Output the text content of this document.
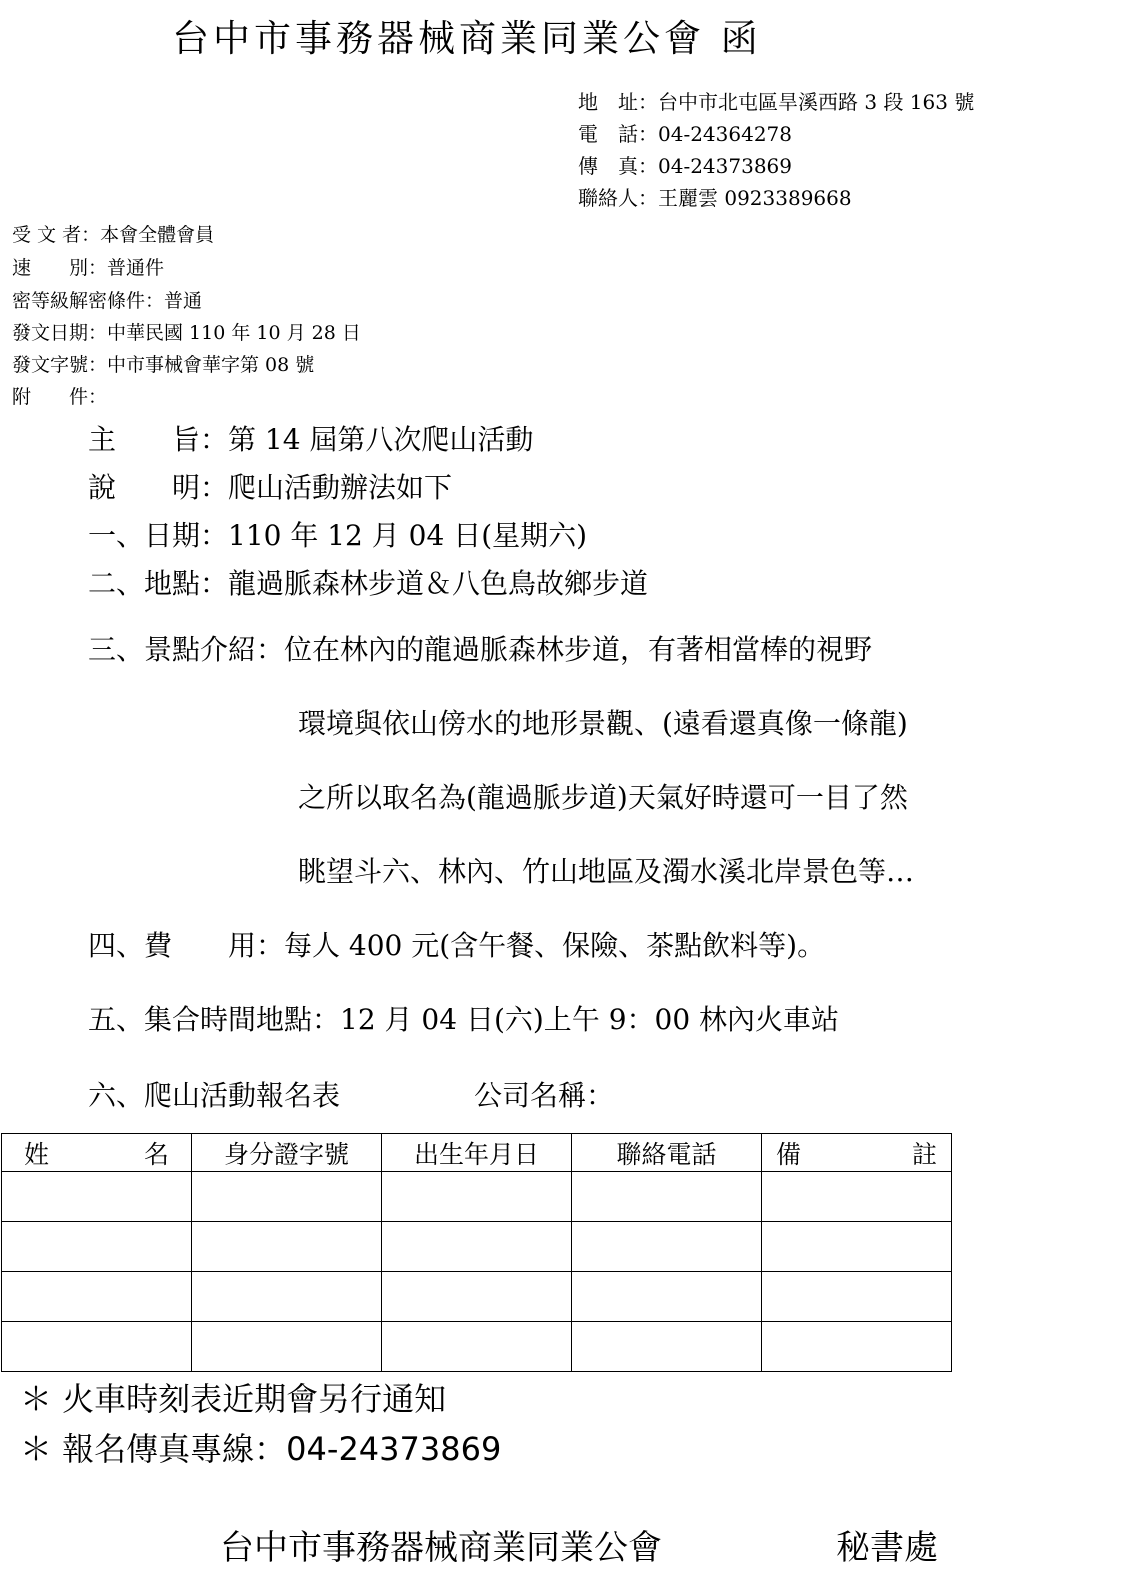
台中市事務器械商業同業公會 函
地　址：台中市北屯區旱溪西路 3 段 163 號
電　話：04-24364278
傳　真：04-24373869
聯絡人：王麗雲 0923389668
受 文 者：本會全體會員
速　　別：普通件
密等級解密條件：普通
發文日期：中華民國 110 年 10 月 28 日
發文字號：中市事械會華字第 08 號
附　　件：
主　　旨：第 14 屆第八次爬山活動
說　　明：爬山活動辦法如下
一、日期：110 年 12 月 04 日(星期六)
二、地點：龍過脈森林步道＆八色鳥故鄉步道
三、景點介紹：位在林內的龍過脈森林步道，有著相當棒的視野
環境與依山傍水的地形景觀、(遠看還真像一條龍)
之所以取名為(龍過脈步道)天氣好時還可一目了然
眺望斗六、林內、竹山地區及濁水溪北岸景色等…
四、費　　用：每人 400 元(含午餐、保險、茶點飲料等)。
五、集合時間地點：12 月 04 日(六)上午 9：00 林內火車站
六、爬山活動報名表	公司名稱：
姓 名	身分證字號	出生年月日	聯絡電話	備 註

＊ 火車時刻表近期會另行通知
＊ 報名傳真專線：04-24373869
台中市事務器械商業同業公會	秘書處
